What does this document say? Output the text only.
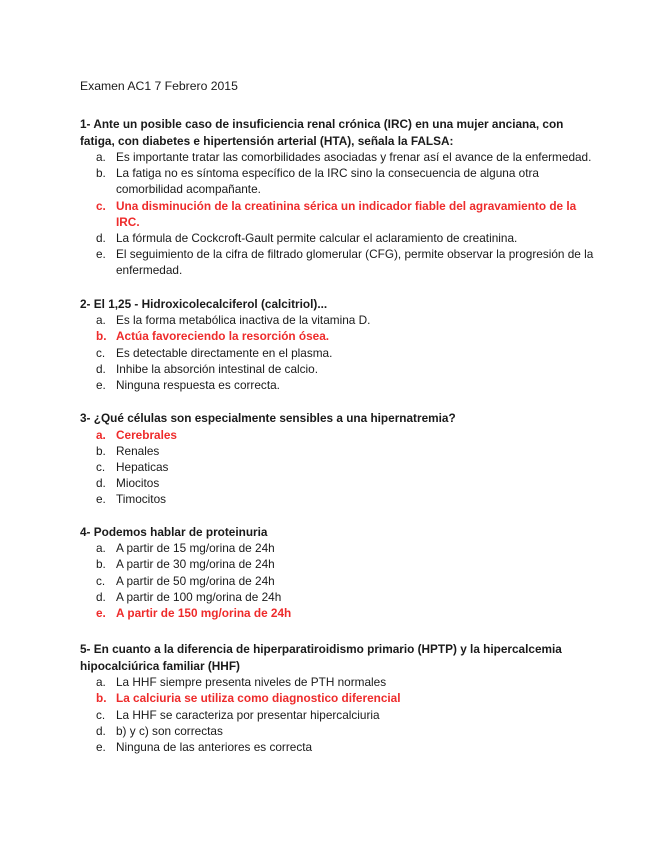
Examen AC1 7 Febrero 2015

1- Ante un posible caso de insuficiencia renal crónica (IRC) en una mujer anciana, con fatiga, con diabetes e hipertensión arterial (HTA), señala la FALSA:

a. Es importante tratar las comorbilidades asociadas y frenar así el avance de la enfermedad.
b. La fatiga no es síntoma específico de la IRC sino la consecuencia de alguna otra comorbilidad acompañante.
c. Una disminución de la creatinina sérica un indicador fiable del agravamiento de la IRC.
d. La fórmula de Cockcroft-Gault permite calcular el aclaramiento de creatinina.
e. El seguimiento de la cifra de filtrado glomerular (CFG), permite observar la progresión de la enfermedad.

2- El 1,25 - Hidroxicolecalciferol (calcitriol)...

a. Es la forma metabólica inactiva de la vitamina D.
b. Actúa favoreciendo la resorción ósea.
c. Es detectable directamente en el plasma.
d. Inhibe la absorción intestinal de calcio.
e. Ninguna respuesta es correcta.

3- ¿Qué células son especialmente sensibles a una hipernatremia?

a. Cerebrales
b. Renales
c. Hepaticas
d. Miocitos
e. Timocitos

4- Podemos hablar de proteinuria

a. A partir de 15 mg/orina de 24h
b. A partir de 30 mg/orina de 24h
c. A partir de 50 mg/orina de 24h
d. A partir de 100 mg/orina de 24h
e. A partir de 150 mg/orina de 24h

5- En cuanto a la diferencia de hiperparatiroidismo primario (HPTP) y la hipercalcemia hipocalciúrica familiar (HHF)

a. La HHF siempre presenta niveles de PTH normales
b. La calciuria se utiliza como diagnostico diferencial
c. La HHF se caracteriza por presentar hipercalciuria
d. b) y c) son correctas
e. Ninguna de las anteriores es correcta
